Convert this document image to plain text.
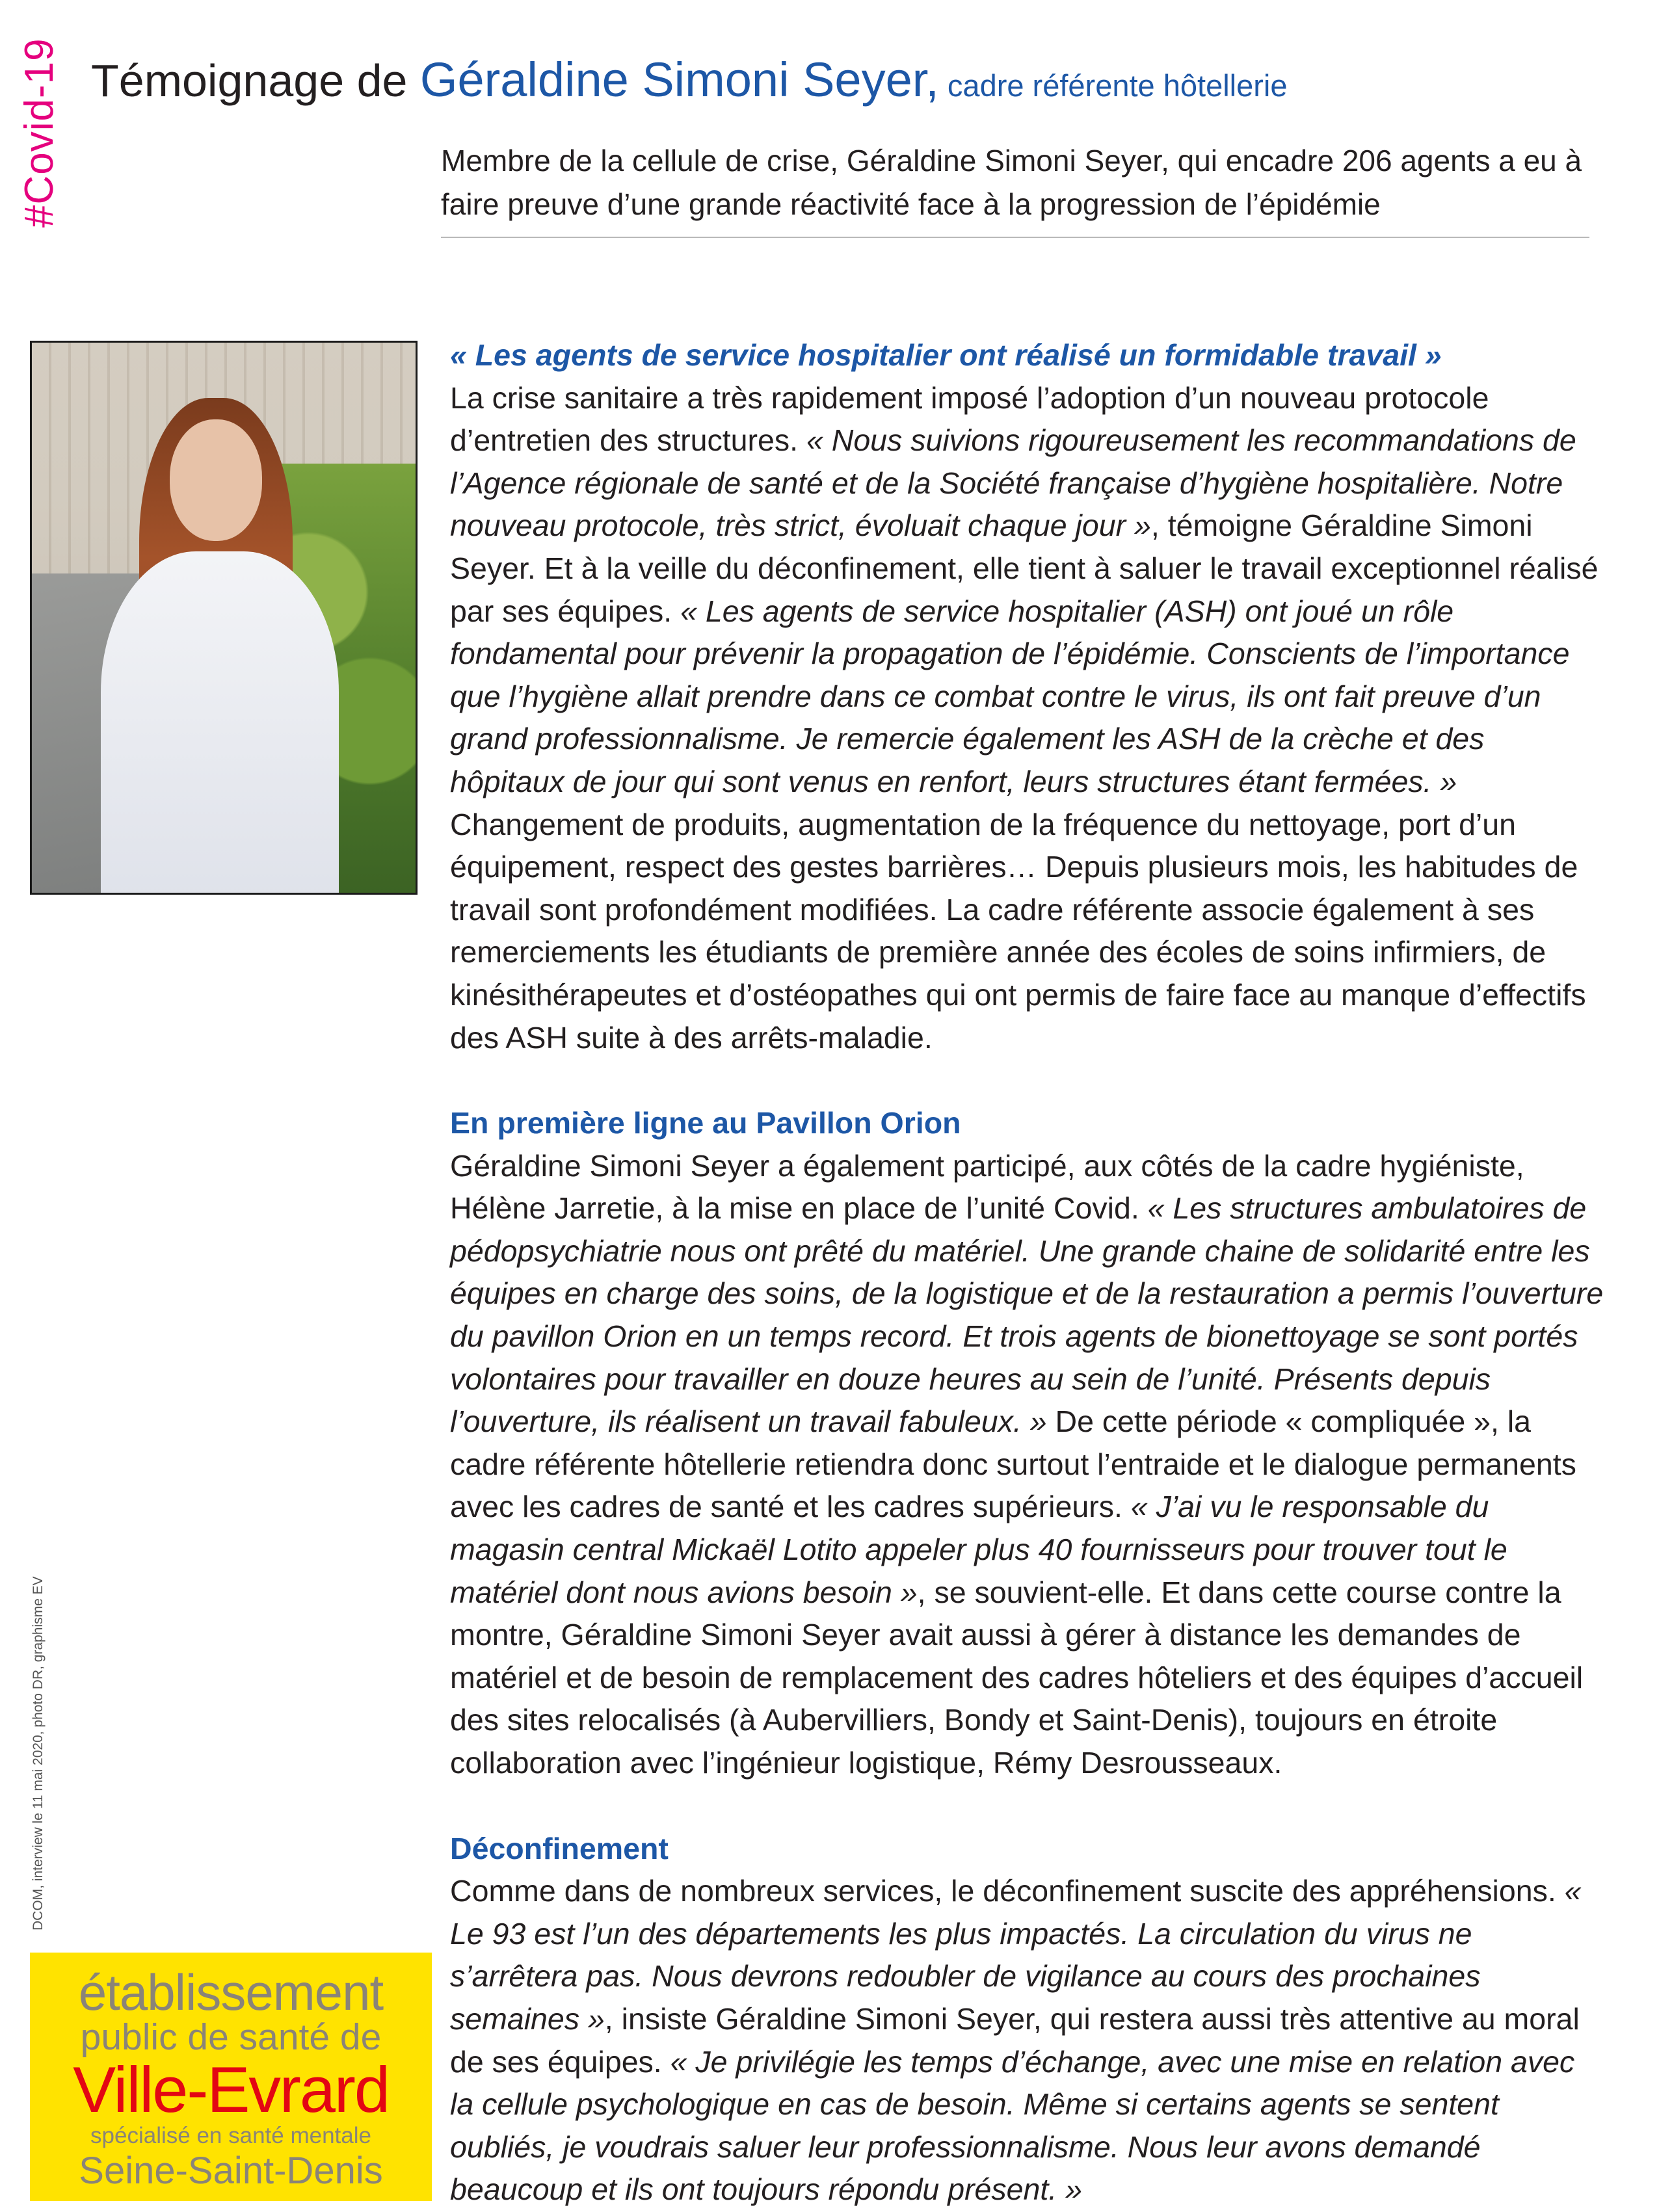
#Covid-19 Témoignage de Géraldine Simoni Seyer, cadre référente hôtellerie
Membre de la cellule de crise, Géraldine Simoni Seyer, qui encadre 206 agents a eu à faire preuve d’une grande réactivité face à la progression de l’épidémie

« Les agents de service hospitalier ont réalisé un formidable travail »

La crise sanitaire a très rapidement imposé l’adoption d’un nouveau protocole d’entretien des structures. « Nous suivions rigoureusement les recommandations de l’Agence régionale de santé et de la Société française d’hygiène hospitalière. Notre nouveau protocole, très strict, évoluait chaque jour », témoigne Géraldine Simoni Seyer. Et à la veille du déconfinement, elle tient à saluer le travail exceptionnel réalisé par ses équipes. « Les agents de service hospitalier (ASH) ont joué un rôle fondamental pour prévenir la propagation de l’épidémie. Conscients de l’importance que l’hygiène allait prendre dans ce combat contre le virus, ils ont fait preuve d’un grand professionnalisme. Je remercie également les ASH de la crèche et des hôpitaux de jour qui sont venus en renfort, leurs structures étant fermées. » Changement de produits, augmentation de la fréquence du nettoyage, port d’un équipement, respect des gestes barrières… Depuis plusieurs mois, les habitudes de travail sont profondément modifiées. La cadre référente associe également à ses remerciements les étudiants de première année des écoles de soins infirmiers, de kinésithérapeutes et d’ostéopathes qui ont permis de faire face au manque d’effectifs des ASH suite à des arrêts-maladie.

En première ligne au Pavillon Orion

Géraldine Simoni Seyer a également participé, aux côtés de la cadre hygiéniste, Hélène Jarretie, à la mise en place de l’unité Covid. « Les structures ambulatoires de pédopsychiatrie nous ont prêté du matériel. Une grande chaine de solidarité entre les équipes en charge des soins, de la logistique et de la restauration a permis l’ouverture du pavillon Orion en un temps record. Et trois agents de bionettoyage se sont portés volontaires pour travailler en douze heures au sein de l’unité. Présents depuis l’ouverture, ils réalisent un travail fabuleux. » De cette période « compliquée », la cadre référente hôtellerie retiendra donc surtout l’entraide et le dialogue permanents avec les cadres de santé et les cadres supérieurs. « J’ai vu le responsable du magasin central Mickaël Lotito appeler plus 40 fournisseurs pour trouver tout le matériel dont nous avions besoin », se souvient-elle. Et dans cette course contre la montre, Géraldine Simoni Seyer avait aussi à gérer à distance les demandes de matériel et de besoin de remplacement des cadres hôteliers et des équipes d’accueil des sites relocalisés (à Aubervilliers, Bondy et Saint-Denis), toujours en étroite collaboration avec l’ingénieur logistique, Rémy Desrousseaux.

Déconfinement

Comme dans de nombreux services, le déconfinement suscite des appréhensions. « Le 93 est l’un des départements les plus impactés. La circulation du virus ne s’arrêtera pas. Nous devrons redoubler de vigilance au cours des prochaines semaines », insiste Géraldine Simoni Seyer, qui restera aussi très attentive au moral de ses équipes. « Je privilégie les temps d’échange, avec une mise en relation avec la cellule psychologique en cas de besoin. Même si certains agents se sentent oubliés, je voudrais saluer leur professionnalisme. Nous leur avons demandé beaucoup et ils ont toujours répondu présent. »

DCOM, interview le 11 mai 2020, photo DR, graphisme EV
établissement
public de santé de
Ville-Evrard
spécialisé en santé mentale
Seine-Saint-Denis
